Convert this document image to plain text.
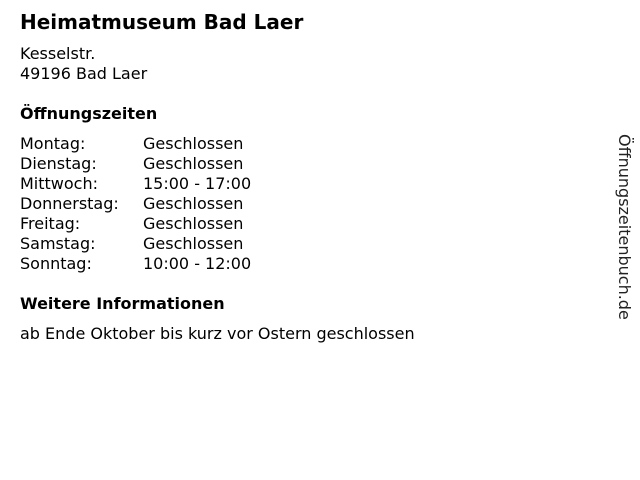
Heimatmuseum Bad Laer
Kesselstr.
49196 Bad Laer
Öffnungszeiten
Montag:	Geschlossen
Dienstag:	Geschlossen
Mittwoch:	15:00 - 17:00
Donnerstag:	Geschlossen
Freitag:	Geschlossen
Samstag:	Geschlossen
Sonntag:	10:00 - 12:00
Weitere Informationen
ab Ende Oktober bis kurz vor Ostern geschlossen
Öffnungszeitenbuch.de
